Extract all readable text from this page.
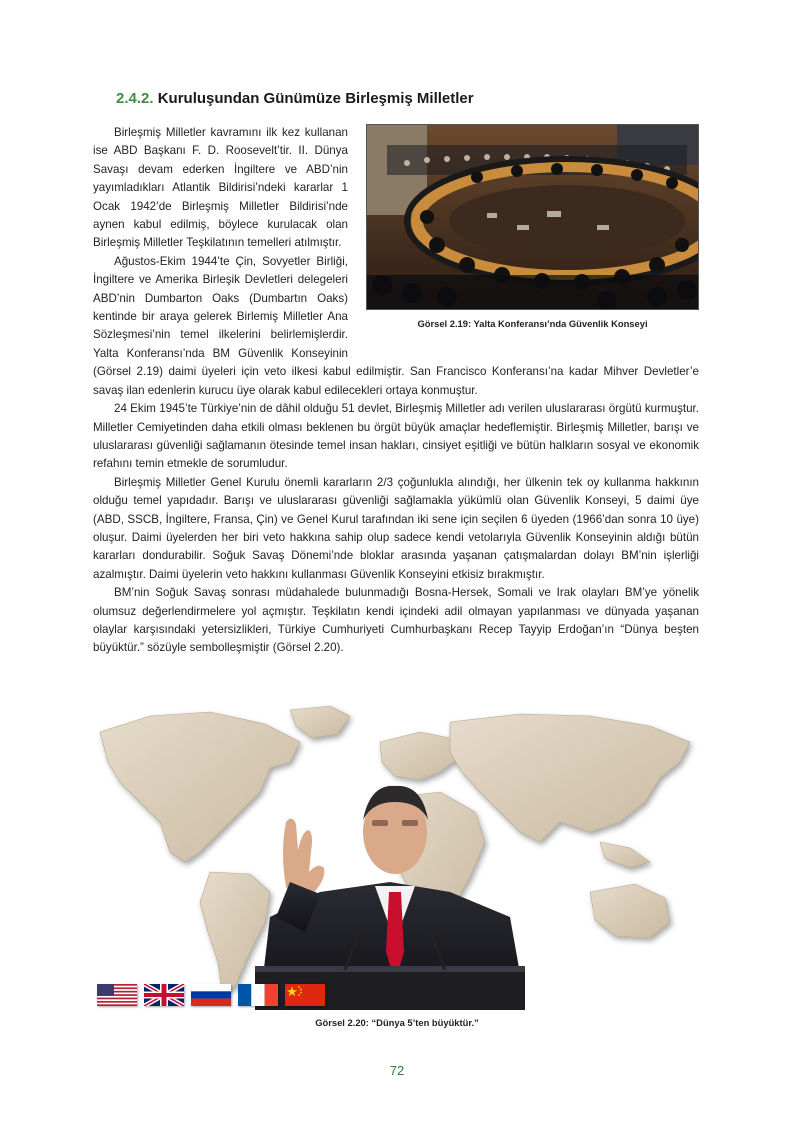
2.4.2. Kuruluşundan Günümüze Birleşmiş Milletler
Görsel 2.19: Yalta Konferansı’nda Güvenlik Konseyi

Birleşmiş Milletler kavramını ilk kez kullanan ise ABD Başkanı F. D. Roosevelt’tir. II. Dünya Savaşı devam ederken İngiltere ve ABD’nin yayımladıkları Atlantik Bildirisi’ndeki kararlar 1 Ocak 1942’de Birleşmiş Milletler Bildirisi’nde aynen kabul edilmiş, böylece kurulacak olan Birleşmiş Milletler Teşkilatının temelleri atılmıştır.

Ağustos-Ekim 1944’te Çin, Sovyetler Birliği, İngiltere ve Amerika Birleşik Devletleri delegeleri ABD’nin Dumbarton Oaks (Dumbartın Oaks) kentinde bir araya gelerek Birlemiş Milletler Ana Sözleşmesi’nin temel ilkelerini belirlemişlerdir. Yalta Konferansı’nda BM Güvenlik Konseyinin (Görsel 2.19) daimi üyeleri için veto ilkesi kabul edilmiştir. San Francisco Konferansı’na kadar Mihver Devletler’e savaş ilan edenlerin kurucu üye olarak kabul edilecekleri ortaya konmuştur.

24 Ekim 1945’te Türkiye’nin de dâhil olduğu 51 devlet, Birleşmiş Milletler adı verilen uluslararası örgütü kurmuştur. Milletler Cemiyetinden daha etkili olması beklenen bu örgüt büyük amaçlar hedeflemiştir. Birleşmiş Milletler, barışı ve uluslararası güvenliği sağlamanın ötesinde temel insan hakları, cinsiyet eşitliği ve bütün halkların sosyal ve ekonomik refahını temin etmekle de sorumludur.

Birleşmiş Milletler Genel Kurulu önemli kararların 2/3 çoğunlukla alındığı, her ülkenin tek oy kullanma hakkının olduğu temel yapıdadır. Barışı ve uluslararası güvenliği sağlamakla yükümlü olan Güvenlik Konseyi, 5 daimi üye (ABD, SSCB, İngiltere, Fransa, Çin) ve Genel Kurul tarafından iki sene için seçilen 6 üyeden (1966’dan sonra 10 üye) oluşur. Daimi üyelerden her biri veto hakkına sahip olup sadece kendi vetolarıyla Güvenlik Konseyinin aldığı bütün kararları dondurabilir. Soğuk Savaş Dönemi’nde bloklar arasında yaşanan çatışmalardan dolayı BM’nin işlerliği azalmıştır. Daimi üyelerin veto hakkını kullanması Güvenlik Konseyini etkisiz bırakmıştır.

BM’nin Soğuk Savaş sonrası müdahalede bulunmadığı Bosna-Hersek, Somali ve Irak olayları BM’ye yönelik olumsuz değerlendirmelere yol açmıştır. Teşkilatın kendi içindeki adil olmayan yapılanması ve dünyada yaşanan olaylar karşısındaki yetersizlikleri, Türkiye Cumhuriyeti Cumhurbaşkanı Recep Tayyip Erdoğan’ın “Dünya beşten büyüktür.” sözüyle sembolleşmiştir (Görsel 2.20).

Görsel 2.20: “Dünya 5’ten büyüktür.”
72
